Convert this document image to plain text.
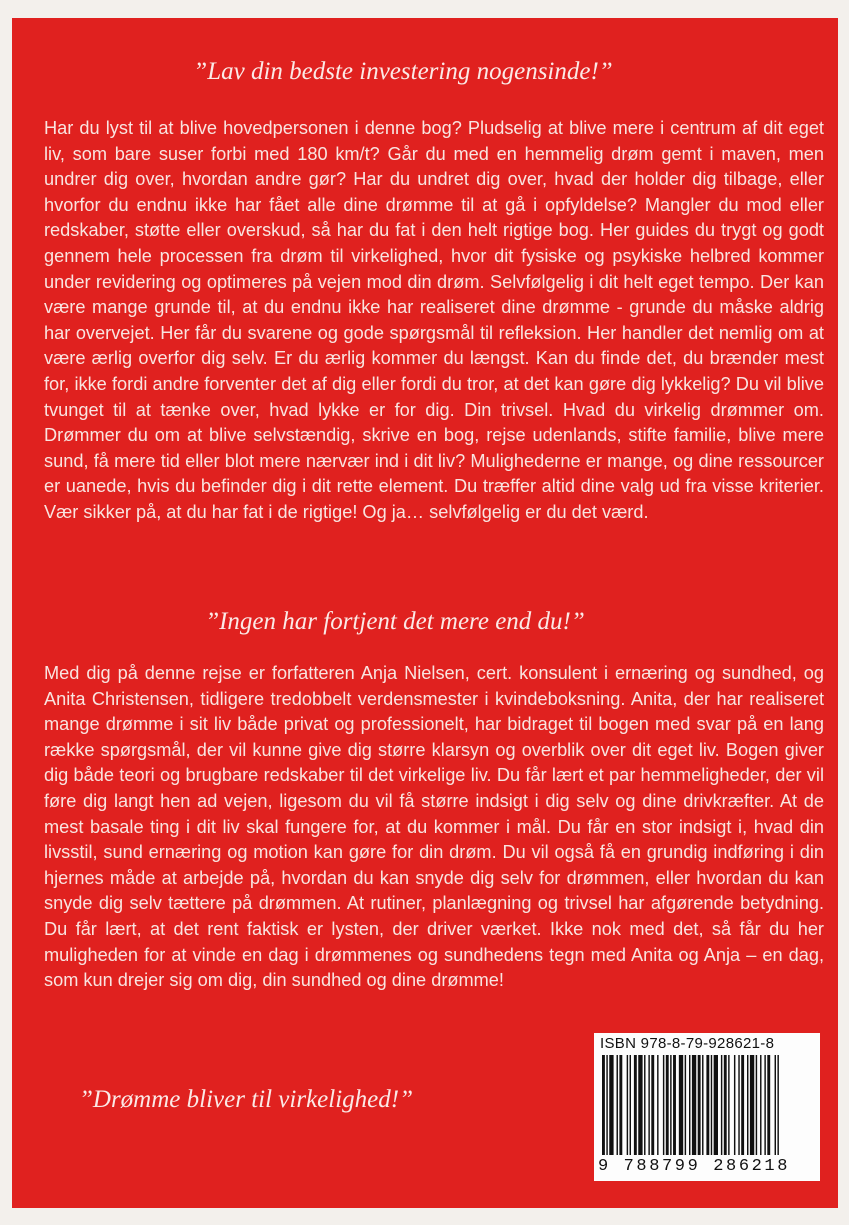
”Lav din bedste investering nogensinde!”

Har du lyst til at blive hovedpersonen i denne bog? Pludselig at blive mere i centrum af dit eget liv, som bare suser forbi med 180 km/t? Går du med en hemmelig drøm gemt i maven, men undrer dig over, hvordan andre gør? Har du undret dig over, hvad der holder dig tilbage, eller hvorfor du endnu ikke har fået alle dine drømme til at gå i opfyldelse? Mangler du mod eller redskaber, støtte eller overskud, så har du fat i den helt rigtige bog. Her guides du trygt og godt gennem hele processen fra drøm til virkelighed, hvor dit fysiske og psykiske helbred kommer under revidering og optimeres på vejen mod din drøm. Selvfølgelig i dit helt eget tempo. Der kan være mange grunde til, at du endnu ikke har realiseret dine drømme - grunde du måske aldrig har overvejet. Her får du svarene og gode spørgsmål til refleksion. Her handler det nemlig om at være ærlig overfor dig selv. Er du ærlig kommer du længst. Kan du finde det, du brænder mest for, ikke fordi andre forventer det af dig eller fordi du tror, at det kan gøre dig lykkelig? Du vil blive tvunget til at tænke over, hvad lykke er for dig. Din trivsel. Hvad du virkelig drømmer om. Drømmer du om at blive selvstændig, skrive en bog, rejse udenlands, stifte familie, blive mere sund, få mere tid eller blot mere nærvær ind i dit liv? Mulighederne er mange, og dine ressourcer er uanede, hvis du befinder dig i dit rette element. Du træffer altid dine valg ud fra visse kriterier. Vær sikker på, at du har fat i de rigtige! Og ja… selvfølgelig er du det værd.

”Ingen har fortjent det mere end du!”

Med dig på denne rejse er forfatteren Anja Nielsen, cert. konsulent i ernæring og sundhed, og Anita Christensen, tidligere tredobbelt verdensmester i kvindeboksning. Anita, der har realiseret mange drømme i sit liv både privat og professionelt, har bidraget til bogen med svar på en lang række spørgsmål, der vil kunne give dig større klarsyn og overblik over dit eget liv. Bogen giver dig både teori og brugbare redskaber til det virkelige liv. Du får lært et par hemmeligheder, der vil føre dig langt hen ad vejen, ligesom du vil få større indsigt i dig selv og dine drivkræfter. At de mest basale ting i dit liv skal fungere for, at du kommer i mål. Du får en stor indsigt i, hvad din livsstil, sund ernæring og motion kan gøre for din drøm. Du vil også få en grundig indføring i din hjernes måde at arbejde på, hvordan du kan snyde dig selv for drømmen, eller hvordan du kan snyde dig selv tættere på drømmen. At rutiner, planlægning og trivsel har afgørende betydning. Du får lært, at det rent faktisk er lysten, der driver værket. Ikke nok med det, så får du her muligheden for at vinde en dag i drømmenes og sundhedens tegn med Anita og Anja – en dag, som kun drejer sig om dig, din sundhed og dine drømme!

”Drømme bliver til virkelighed!”

ISBN 978-8-79-928621-8
9 788799 286218
